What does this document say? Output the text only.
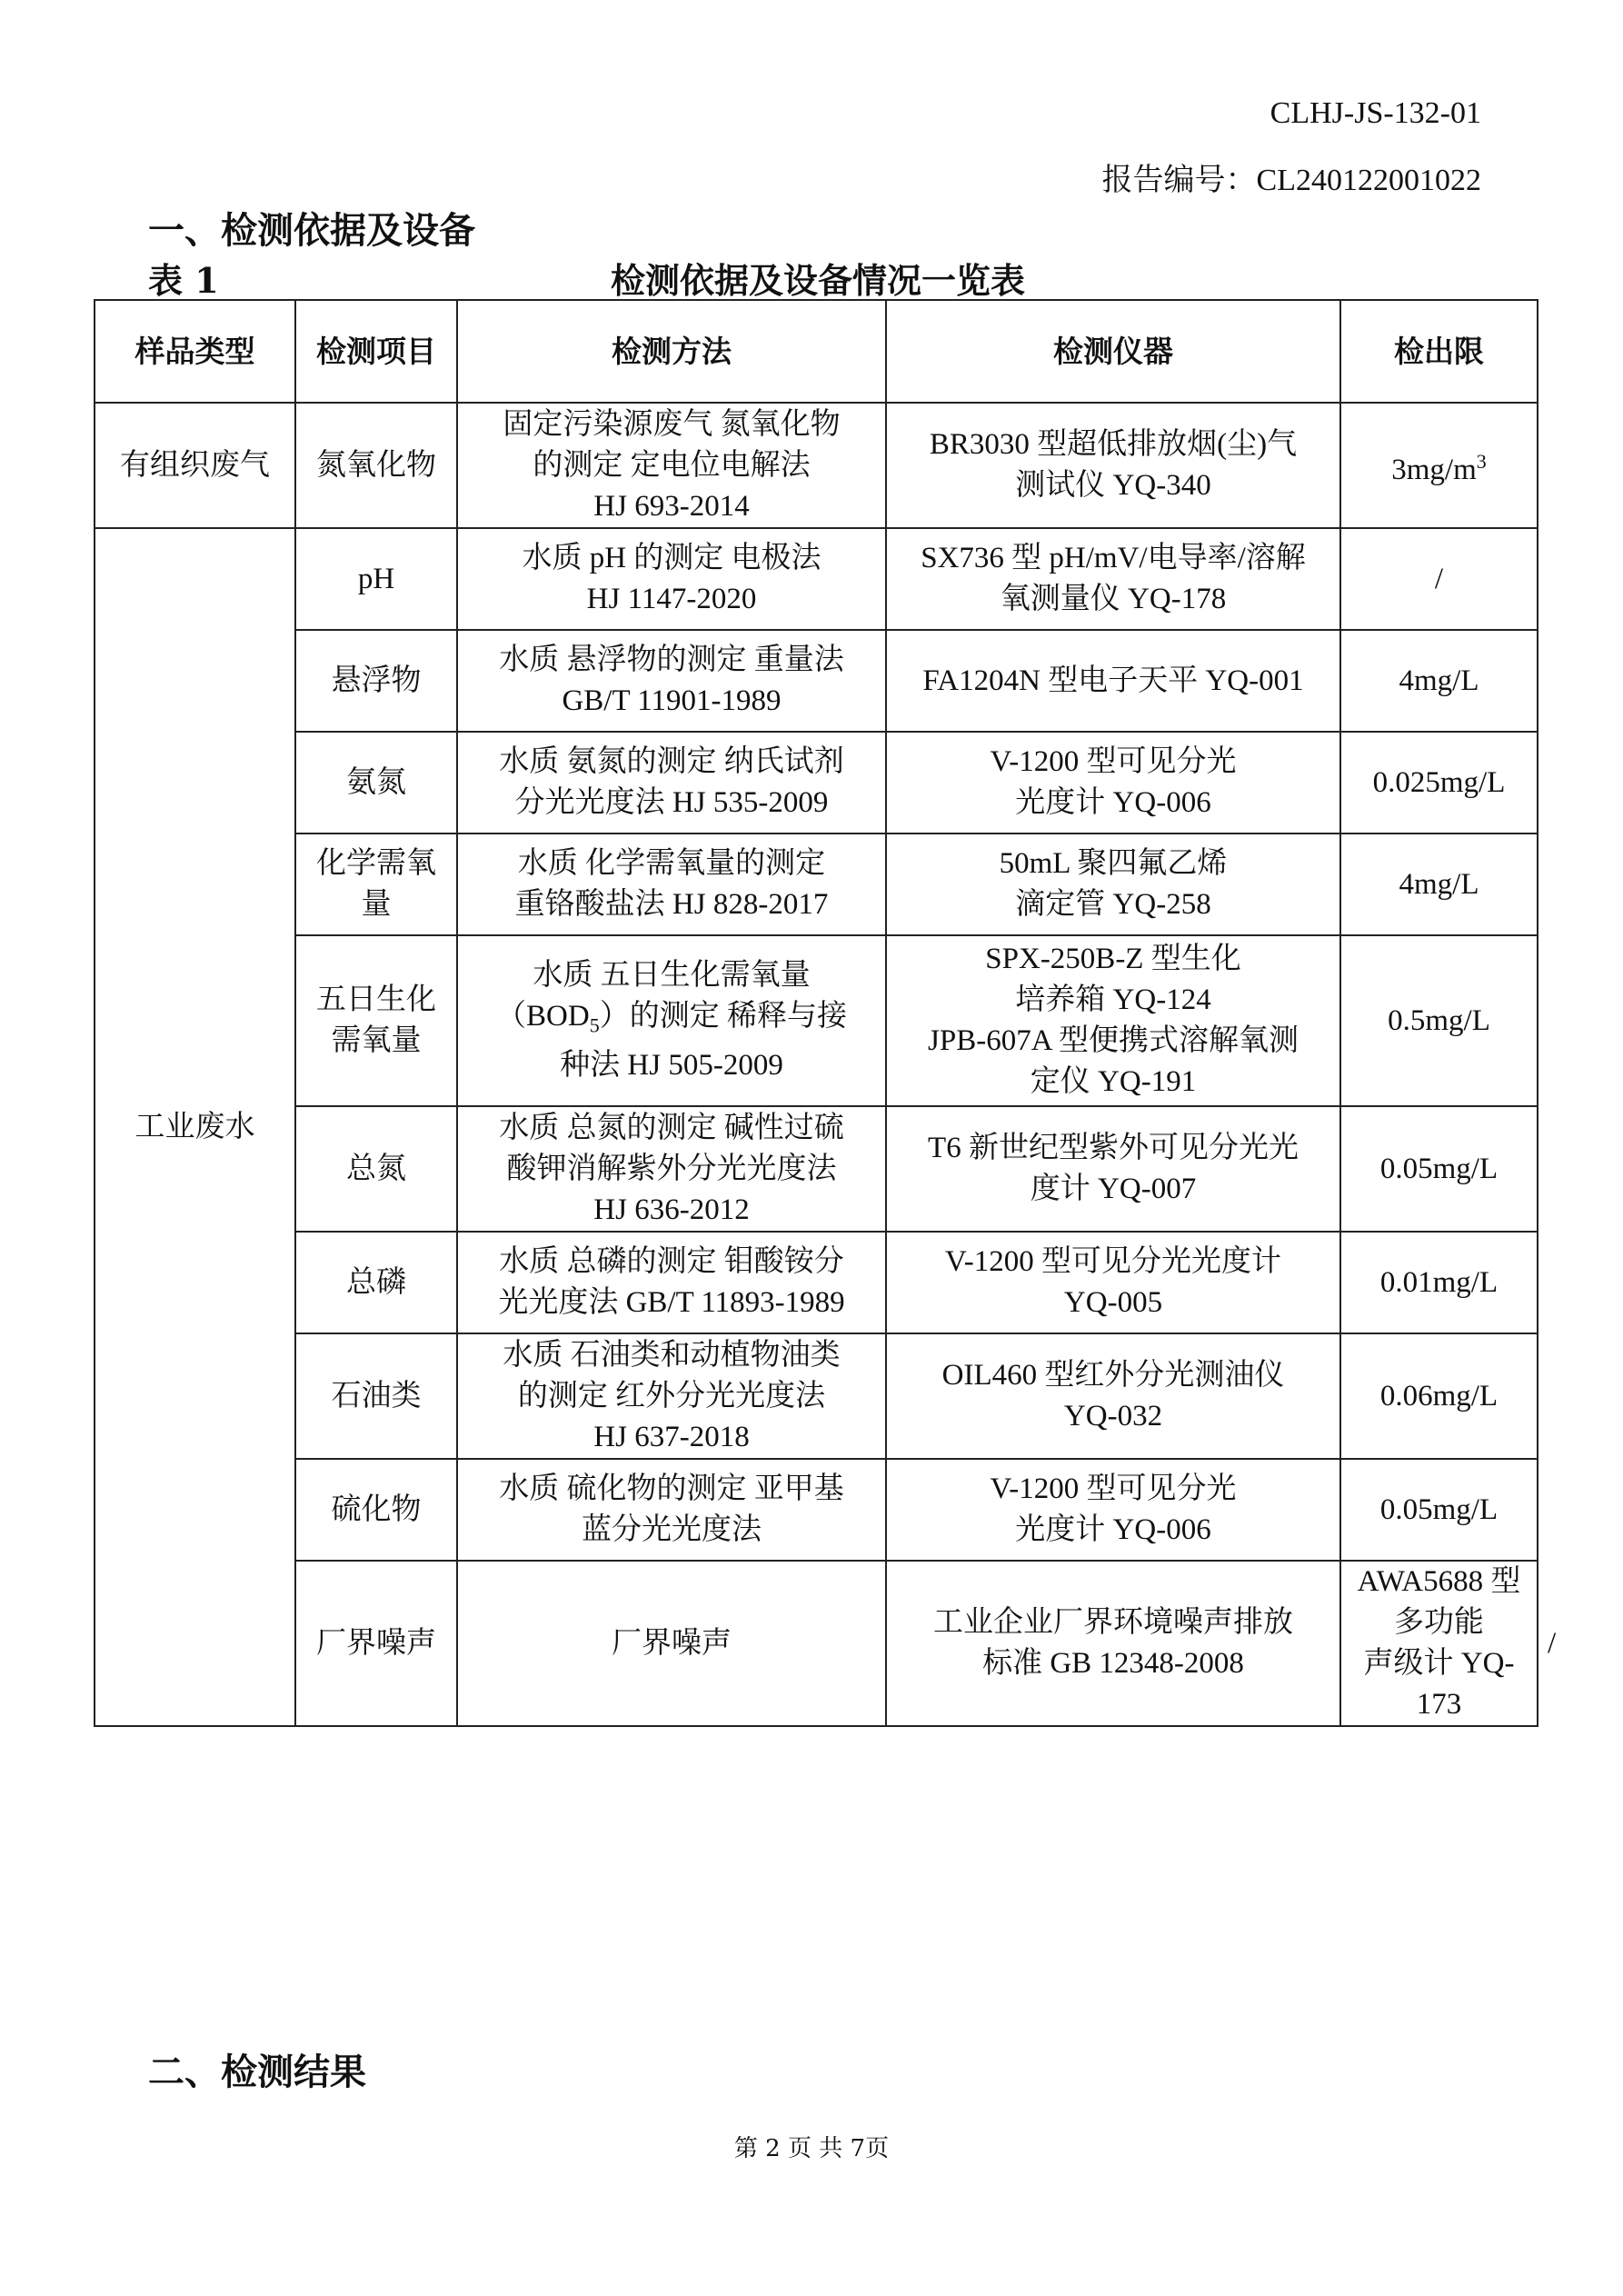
CLHJ-JS-132-01
报告编号：CL240122001022
一、检测依据及设备
表 1	检测依据及设备情况一览表
样品类型	检测项目	检测方法	检测仪器	检出限	
有组织废气	氮氧化物	固定污染源废气 氮氧化物
的测定 定电位电解法
HJ 693-2014	BR3030 型超低排放烟(尘)气
测试仪 YQ-340	$3mg/m^3$
工业废水	pH	水质 pH 的测定 电极法
HJ 1147-2020	SX736 型 pH/mV/电导率/溶解
氧测量仪 YQ-178	/	

	悬浮物	水质 悬浮物的测定 重量法
GB/T 11901-1989	FA1204N 型电子天平 YQ-001	4mg/L	

	氨氮	水质 氨氮的测定 纳氏试剂
分光光度法 HJ 535-2009	V-1200 型可见分光
光度计 YQ-006	0.025mg/L	

	化学需氧
量	水质 化学需氧量的测定
重铬酸盐法 HJ 828-2017	50mL 聚四氟乙烯
滴定管 YQ-258	4mg/L	

	五日生化
需氧量	水质 五日生化需氧量
$(BOD_5)$的测定 稀释与接
种法 HJ 505-2009	SPX-250B-Z 型生化
培养箱 YQ-124
JPB-607A 型便携式溶解氧测
定仪 YQ-191	0.5mg/L	

	总氮	水质 总氮的测定 碱性过硫
酸钾消解紫外分光光度法
HJ 636-2012	T6 新世纪型紫外可见分光光
度计 YQ-007	0.05mg/L	

	总磷	水质 总磷的测定 钼酸铵分
光光度法 GB/T 11893-1989	V-1200 型可见分光光度计
YQ-005	0.01mg/L	

	石油类	水质 石油类和动植物油类
的测定 红外分光光度法
HJ 637-2018	OIL460 型红外分光测油仪
YQ-032	0.06mg/L	

	硫化物	水质 硫化物的测定 亚甲基
蓝分光光度法	V-1200 型可见分光
光度计 YQ-006	0.05mg/L	
	厂界噪声	厂界噪声	工业企业厂界环境噪声排放
标准 GB 12348-2008	AWA5688 型多功能
声级计 YQ-173	/
二、检测结果
第 2 页 共 7页
